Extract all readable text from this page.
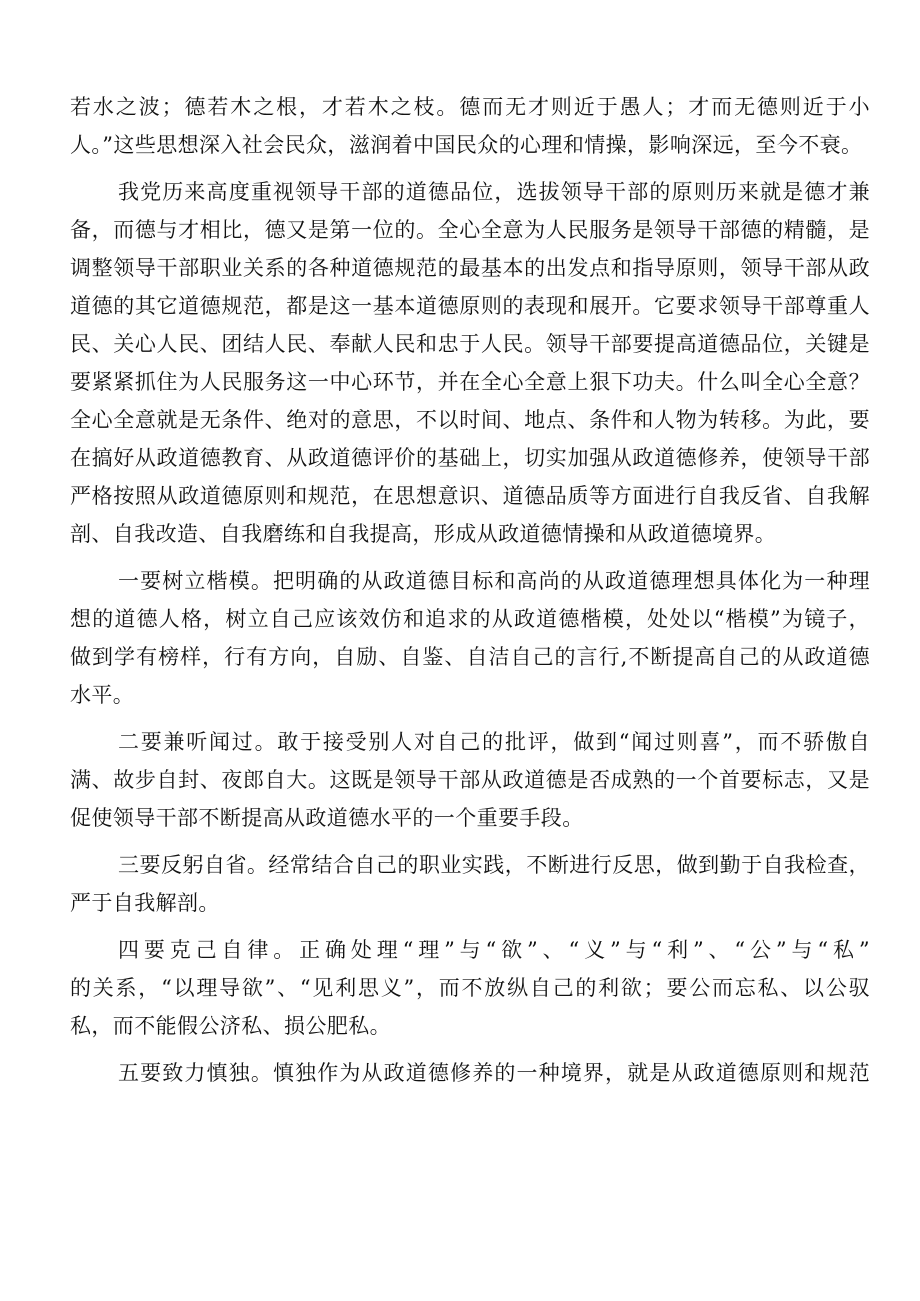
若水之波；德若木之根，才若木之枝。德而无才则近于愚人；才而无德则近于小
人。”这些思想深入社会民众，滋润着中国民众的心理和情操，影响深远，至今不衰。
我党历来高度重视领导干部的道德品位，选拔领导干部的原则历来就是德才兼
备，而德与才相比，德又是第一位的。全心全意为人民服务是领导干部德的精髓，是
调整领导干部职业关系的各种道德规范的最基本的出发点和指导原则，领导干部从政
道德的其它道德规范，都是这一基本道德原则的表现和展开。它要求领导干部尊重人
民、关心人民、团结人民、奉献人民和忠于人民。领导干部要提高道德品位，关键是
要紧紧抓住为人民服务这一中心环节，并在全心全意上狠下功夫。什么叫全心全意？
全心全意就是无条件、绝对的意思，不以时间、地点、条件和人物为转移。为此，要
在搞好从政道德教育、从政道德评价的基础上，切实加强从政道德修养，使领导干部
严格按照从政道德原则和规范，在思想意识、道德品质等方面进行自我反省、自我解
剖、自我改造、自我磨练和自我提高，形成从政道德情操和从政道德境界。
一要树立楷模。把明确的从政道德目标和高尚的从政道德理想具体化为一种理
想的道德人格，树立自己应该效仿和追求的从政道德楷模，处处以“楷模”为镜子，
做到学有榜样，行有方向，自励、自鉴、自洁自己的言行,不断提高自己的从政道德
水平。
二要兼听闻过。敢于接受别人对自己的批评，做到“闻过则喜”，而不骄傲自
满、故步自封、夜郎自大。这既是领导干部从政道德是否成熟的一个首要标志，又是
促使领导干部不断提高从政道德水平的一个重要手段。
三要反躬自省。经常结合自己的职业实践，不断进行反思，做到勤于自我检查，
严于自我解剖。
四要克己自律。正确处理“理”与“欲”、“义”与“利”、“公”与“私”
的关系，“以理导欲”、“见利思义”，而不放纵自己的利欲；要公而忘私、以公驭
私，而不能假公济私、损公肥私。
五要致力慎独。慎独作为从政道德修养的一种境界，就是从政道德原则和规范
